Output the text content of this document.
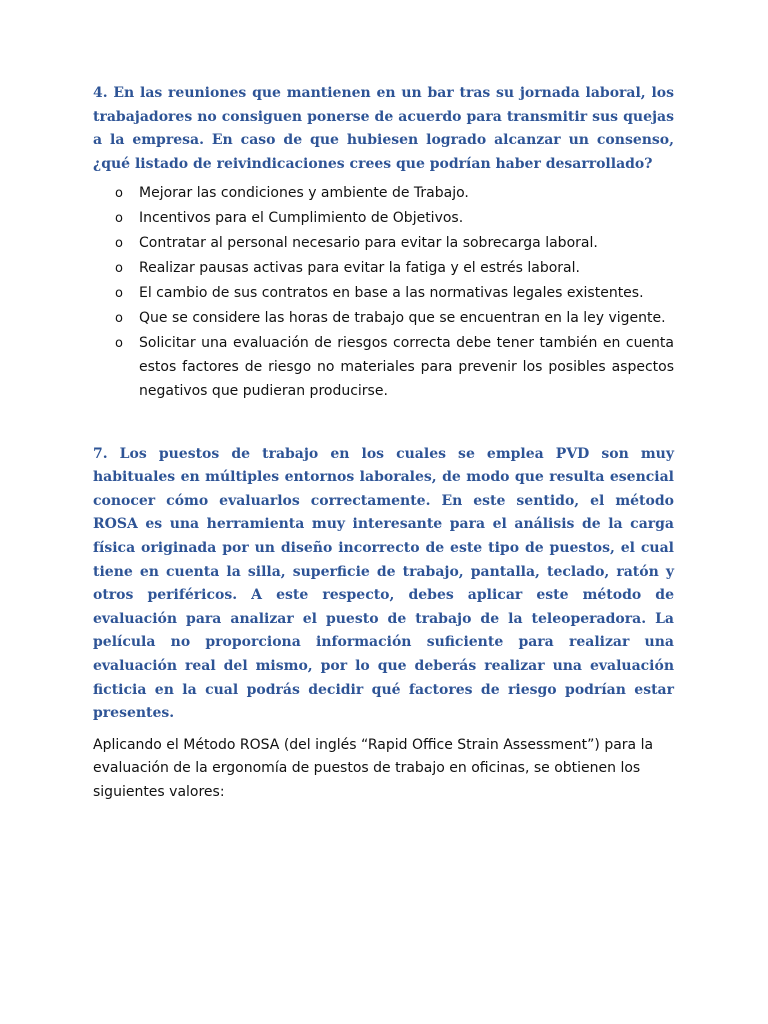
4. En las reuniones que mantienen en un bar tras su jornada laboral, los trabajadores no consiguen ponerse de acuerdo para transmitir sus quejas a la empresa. En caso de que hubiesen logrado alcanzar un consenso, ¿qué listado de reivindicaciones crees que podrían haber desarrollado?

o Mejorar las condiciones y ambiente de Trabajo.
o Incentivos para el Cumplimiento de Objetivos.
o Contratar al personal necesario para evitar la sobrecarga laboral.
o Realizar pausas activas para evitar la fatiga y el estrés laboral.
o El cambio de sus contratos en base a las normativas legales existentes.
o Que se considere las horas de trabajo que se encuentran en la ley vigente.
o Solicitar una evaluación de riesgos correcta debe tener también en cuenta estos factores de riesgo no materiales para prevenir los posibles aspectos negativos que pudieran producirse.

7. Los puestos de trabajo en los cuales se emplea PVD son muy habituales en múltiples entornos laborales, de modo que resulta esencial conocer cómo evaluarlos correctamente. En este sentido, el método ROSA es una herramienta muy interesante para el análisis de la carga física originada por un diseño incorrecto de este tipo de puestos, el cual tiene en cuenta la silla, superficie de trabajo, pantalla, teclado, ratón y otros periféricos. A este respecto, debes aplicar este método de evaluación para analizar el puesto de trabajo de la teleoperadora. La película no proporciona información suficiente para realizar una evaluación real del mismo, por lo que deberás realizar una evaluación ficticia en la cual podrás decidir qué factores de riesgo podrían estar presentes.

Aplicando el Método ROSA (del inglés “Rapid Office Strain Assessment”) para la evaluación de la ergonomía de puestos de trabajo en oficinas, se obtienen los siguientes valores:
